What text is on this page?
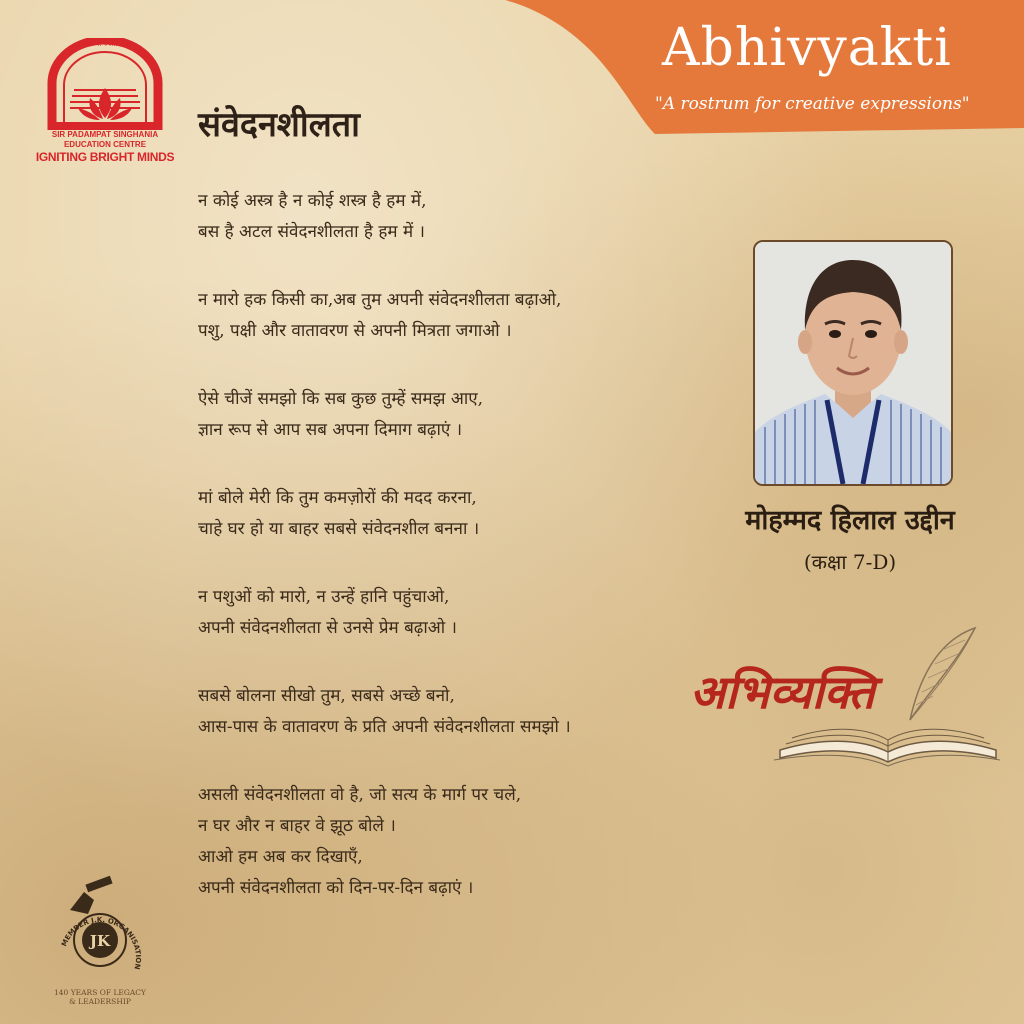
Abhivyakti
"A rostrum for creative expressions"
तमसो मा ज्योतिर्गमय
SIR PADAMPAT SINGHANIA
EDUCATION CENTRE
IGNITING BRIGHT MINDS
संवेदनशीलता
न कोई अस्त्र है न कोई शस्त्र है हम में,
बस है अटल संवेदनशीलता है हम में ।
न मारो हक किसी का,अब तुम अपनी संवेदनशीलता बढ़ाओ,
पशु, पक्षी और वातावरण से अपनी मित्रता जगाओ ।
ऐसे चीजें समझो कि सब कुछ तुम्हें समझ आए,
ज्ञान रूप से आप सब अपना दिमाग बढ़ाएं ।
मां बोले मेरी कि तुम कमज़ोरों की मदद करना,
चाहे घर हो या बाहर सबसे संवेदनशील बनना ।
न पशुओं को मारो, न उन्हें हानि पहुंचाओ,
अपनी संवेदनशीलता से उनसे प्रेम बढ़ाओ ।
सबसे बोलना सीखो तुम, सबसे अच्छे बनो,
आस-पास के वातावरण के प्रति अपनी संवेदनशीलता समझो ।
असली संवेदनशीलता वो है, जो सत्य के मार्ग पर चले,
न घर और न बाहर वे झूठ बोले ।
आओ हम अब कर दिखाएँ,
अपनी संवेदनशीलता को दिन-पर-दिन बढ़ाएं ।
मोहम्मद हिलाल उद्दीन
(कक्षा 7-D)
अभिव्यक्ति
JK
MEMBER J.K. ORGANISATION
140 YEARS OF LEGACY
& LEADERSHIP
